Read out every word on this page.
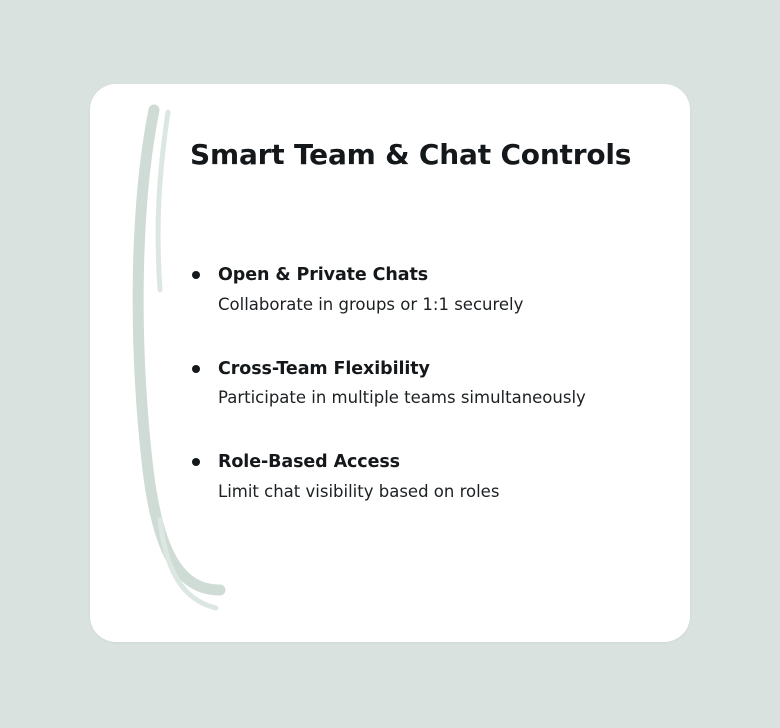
Smart Team & Chat Controls
Open & Private Chats
Collaborate in groups or 1:1 securely
Cross-Team Flexibility
Participate in multiple teams simultaneously
Role-Based Access
Limit chat visibility based on roles
